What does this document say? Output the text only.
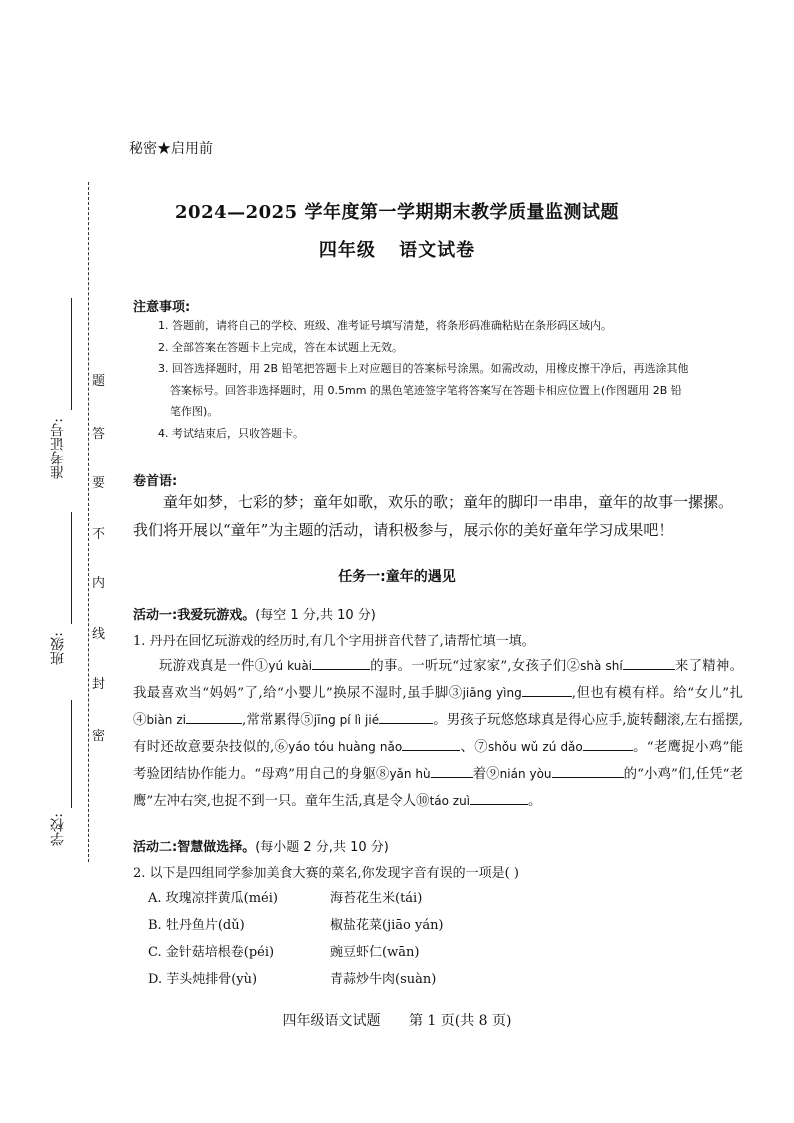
秘密★启用前
2024—2025 学年度第一学期期末教学质量监测试题
四年级 语文试卷
题
答
要
不
内
线
封
密
准考证号:
班级:
学校:
注意事项:
1. 答题前，请将自己的学校、班级、准考证号填写清楚，将条形码准确粘贴在条形码区域内。
2. 全部答案在答题卡上完成，答在本试题上无效。
3. 回答选择题时，用 2B 铅笔把答题卡上对应题目的答案标号涂黑。如需改动，用橡皮擦干净后，再选涂其他
答案标号。回答非选择题时，用 0.5mm 的黑色笔迹签字笔将答案写在答题卡相应位置上(作图题用 2B 铅
笔作图)。
4. 考试结束后，只收答题卡。
卷首语:
童年如梦，七彩的梦；童年如歌，欢乐的歌；童年的脚印一串串，童年的故事一摞摞。我们将开展以“童年”为主题的活动，请积极参与，展示你的美好童年学习成果吧！
任务一:童年的遇见
活动一:我爱玩游戏。(每空 1 分,共 10 分)
1. 丹丹在回忆玩游戏的经历时,有几个字用拼音代替了,请帮忙填一填。
玩游戏真是一件①yú kuài	的事。一听玩“过家家”,女孩子们②shà shí	来了精神。我最喜欢当“妈妈”了,给“小婴儿”换尿不湿时,虽手脚③jiāng yìng	,但也有模有样。给“女儿”扎④biàn zi	,常常累得⑤jīng pí lì jié	。男孩子玩悠悠球真是得心应手,旋转翻滚,左右摇摆,有时还故意要杂技似的,⑥yáo tóu huàng nǎo	、⑦shǒu wǔ zú dǎo	。“老鹰捉小鸡”能考验团结协作能力。“母鸡”用自己的身躯⑧yǎn hù	着⑨nián yòu	的“小鸡”们,任凭“老鹰”左冲右突,也捉不到一只。童年生活,真是令人⑩táo zuì	。
活动二:智慧做选择。(每小题 2 分,共 10 分)
2. 以下是四组同学参加美食大赛的菜名,你发现字音有误的一项是( )
A. 玫瑰凉拌黄瓜(méi)	海苔花生米(tái)
B. 牡丹鱼片(dǔ)	椒盐花菜(jiāo yán)
C. 金针菇培根卷(péi)	豌豆虾仁(wān)
D. 芋头炖排骨(yù)	青蒜炒牛肉(suàn)
四年级语文试题 第 1 页(共 8 页)
